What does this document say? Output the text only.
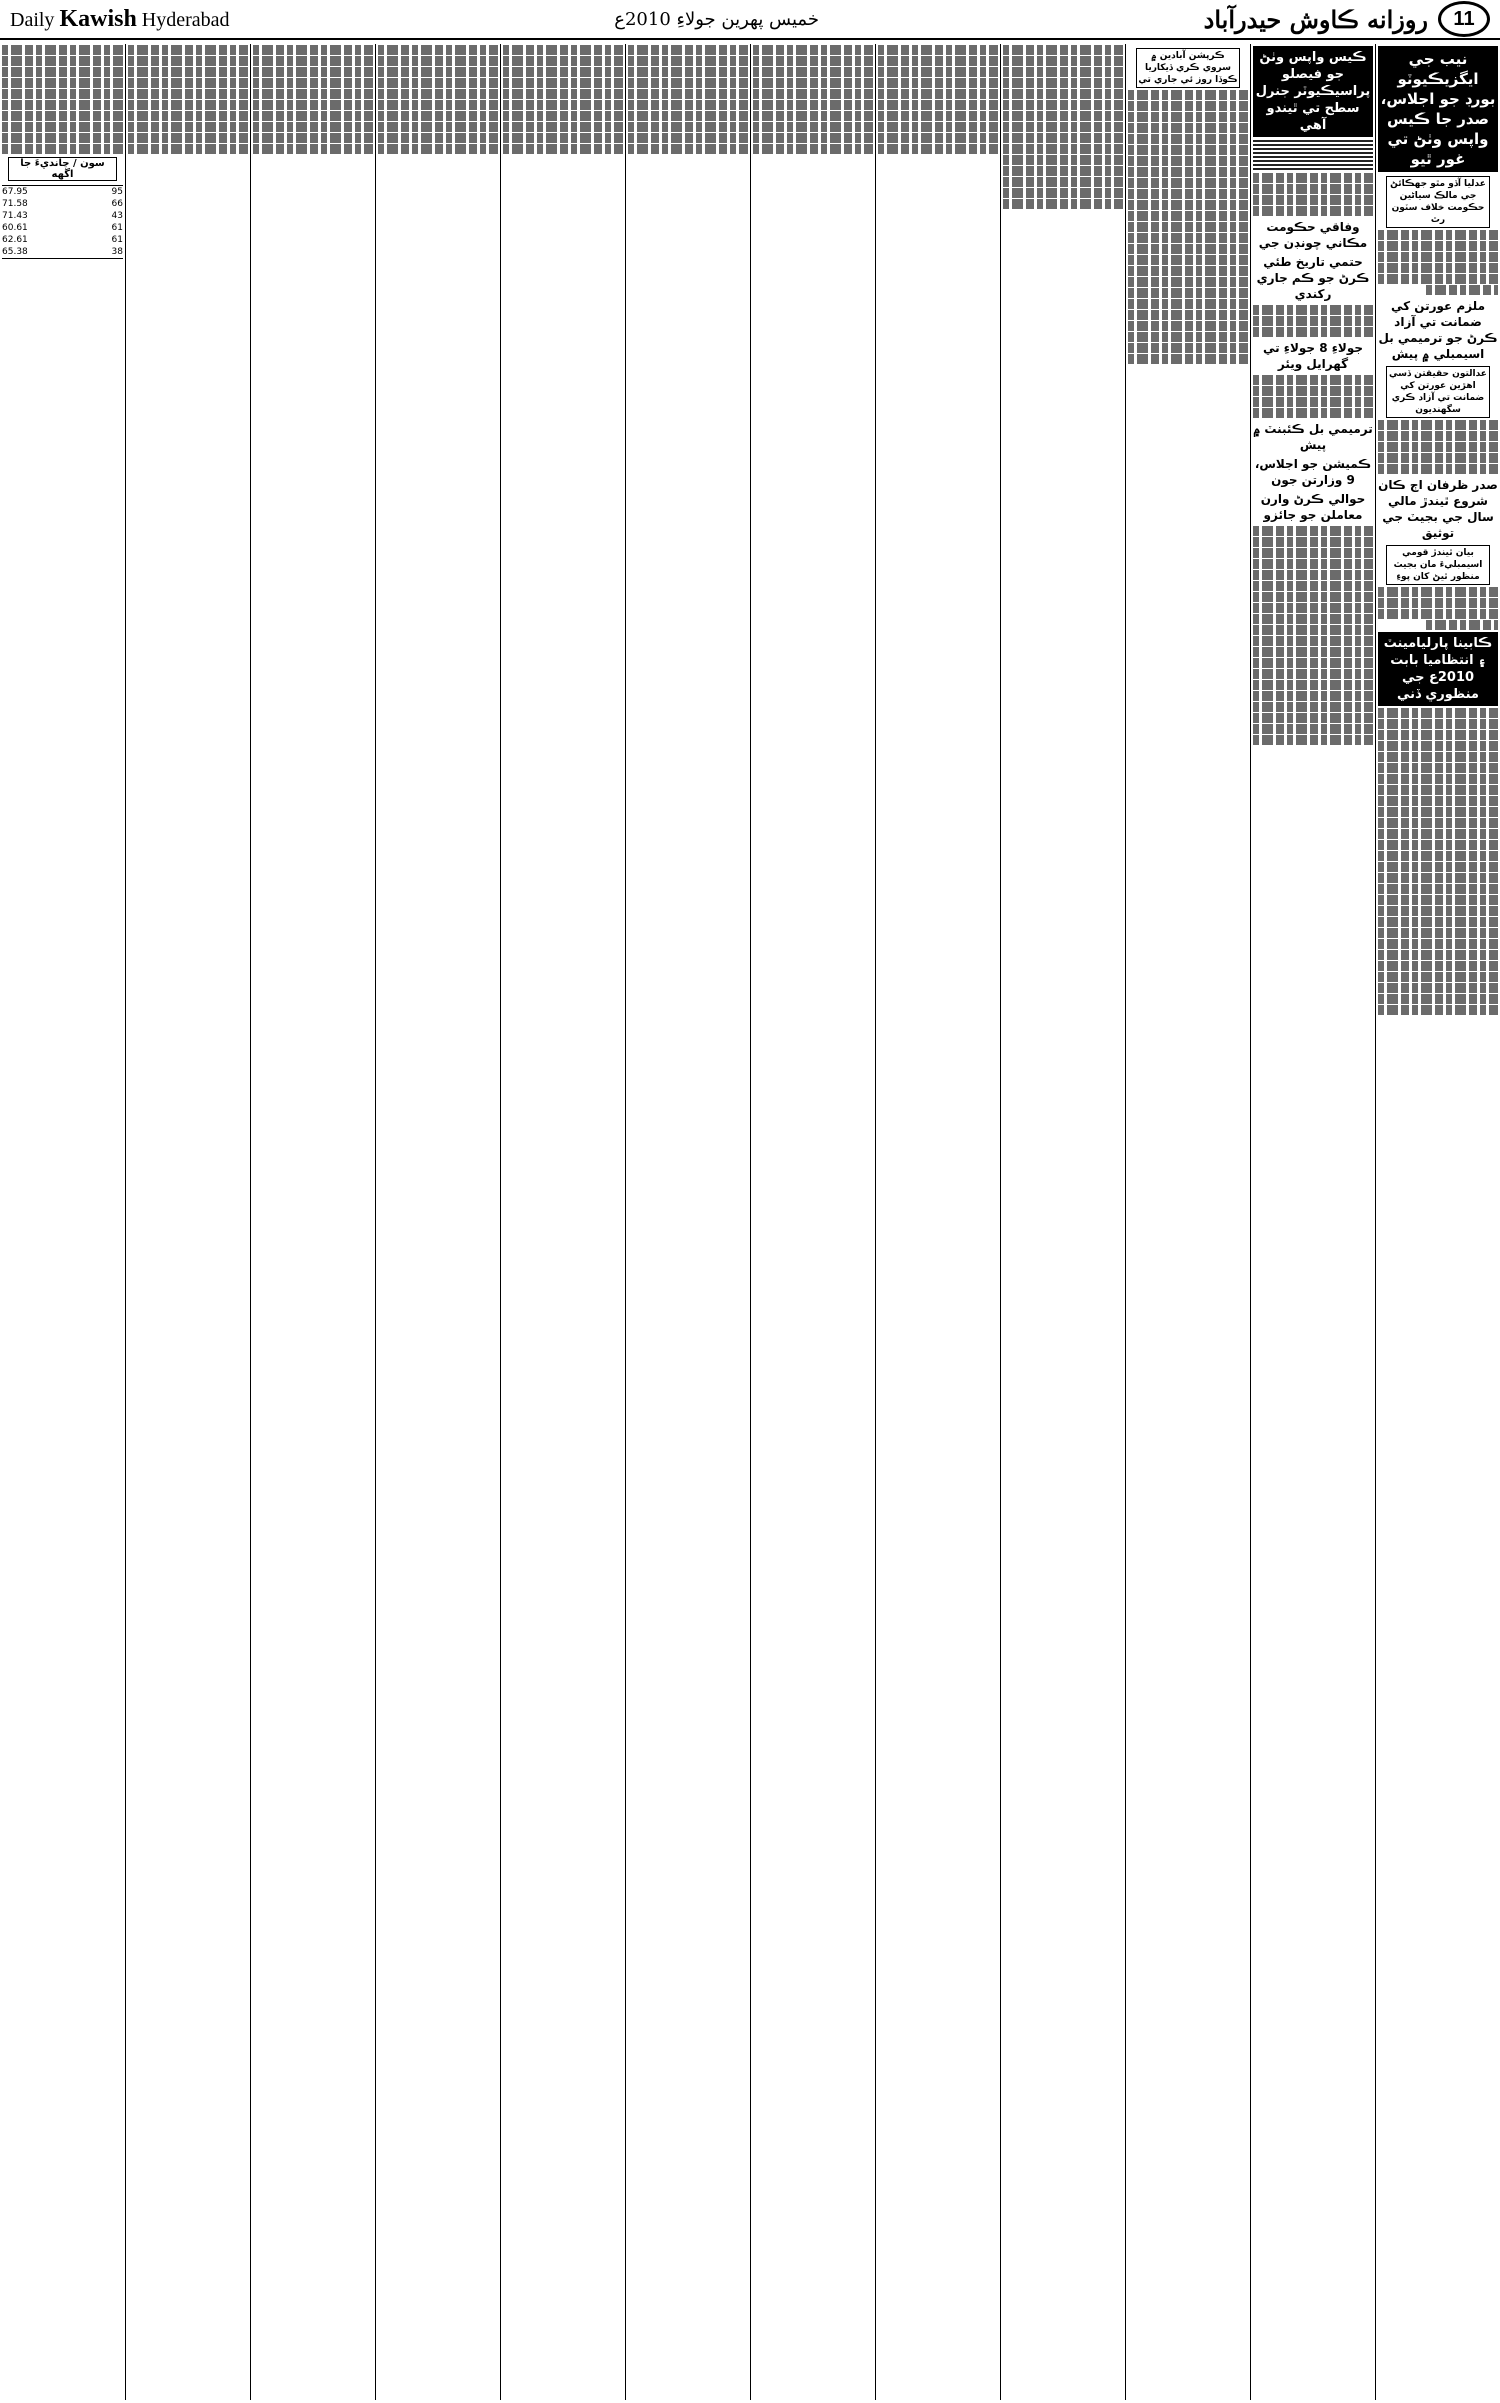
Daily Kawish Hyderabad	خميس پهرين جولاءِ 2010ع	روزانه ڪاوش حيدرآباد	11
نيب جي ايگزيڪيوٽو بورڊ جو اجلاس، صدر جا ڪيس واپس وٺڻ تي غور ٿيو
عدليا آڏو مٿو جهڪائڻ جي مالڪ سياڻين حڪومت خلاف سٽون رٿ
ملزم عورتن کي ضمانت تي آزاد ڪرڻ جو ترميمي بل اسيمبلي ۾ پيش
عدالتون حقيقتن ڏسي اهڙين عورتن کي ضمانت تي آزاد ڪري سگهنديون
صدر ظرفان اڄ ڪان شروع ٿيندڙ مالي سال جي بجيٽ جي توثيق
بيان ٿيندڙ قومي اسيمبليءَ مان بجيٽ منظور ٿيڻ کان پوءِ
ڪابينا پارليامينٽ ۽ انتظاميا بابت 2010ع جي منظوري ڏني
ڪيس واپس وٺڻ جو فيصلو پراسيڪيوٽر جنرل سطح تي ٿيندو آهي
وفاقي حڪومت مڪاني چونڊن جي
حتمي تاريخ طئي ڪرڻ جو ڪم جاري رکندي
جولاءِ 8 جولاءِ تي گهرايل ويئر
ترميمي بل ڪئبنٽ ۾ پيش
ڪميشن جو اجلاس، 9 وزارتن جون
حوالي ڪرڻ وارن معاملن جو جائزو
ڪرپشن آبادين ۾ سروي ڪري ڏيکاريا ڪوڏا روز ئي جاري تي
سون / چانديءَ جا اگهه
67.95	95
71.58	66
71.43	43
60.61	61
62.61	61
65.38	38
